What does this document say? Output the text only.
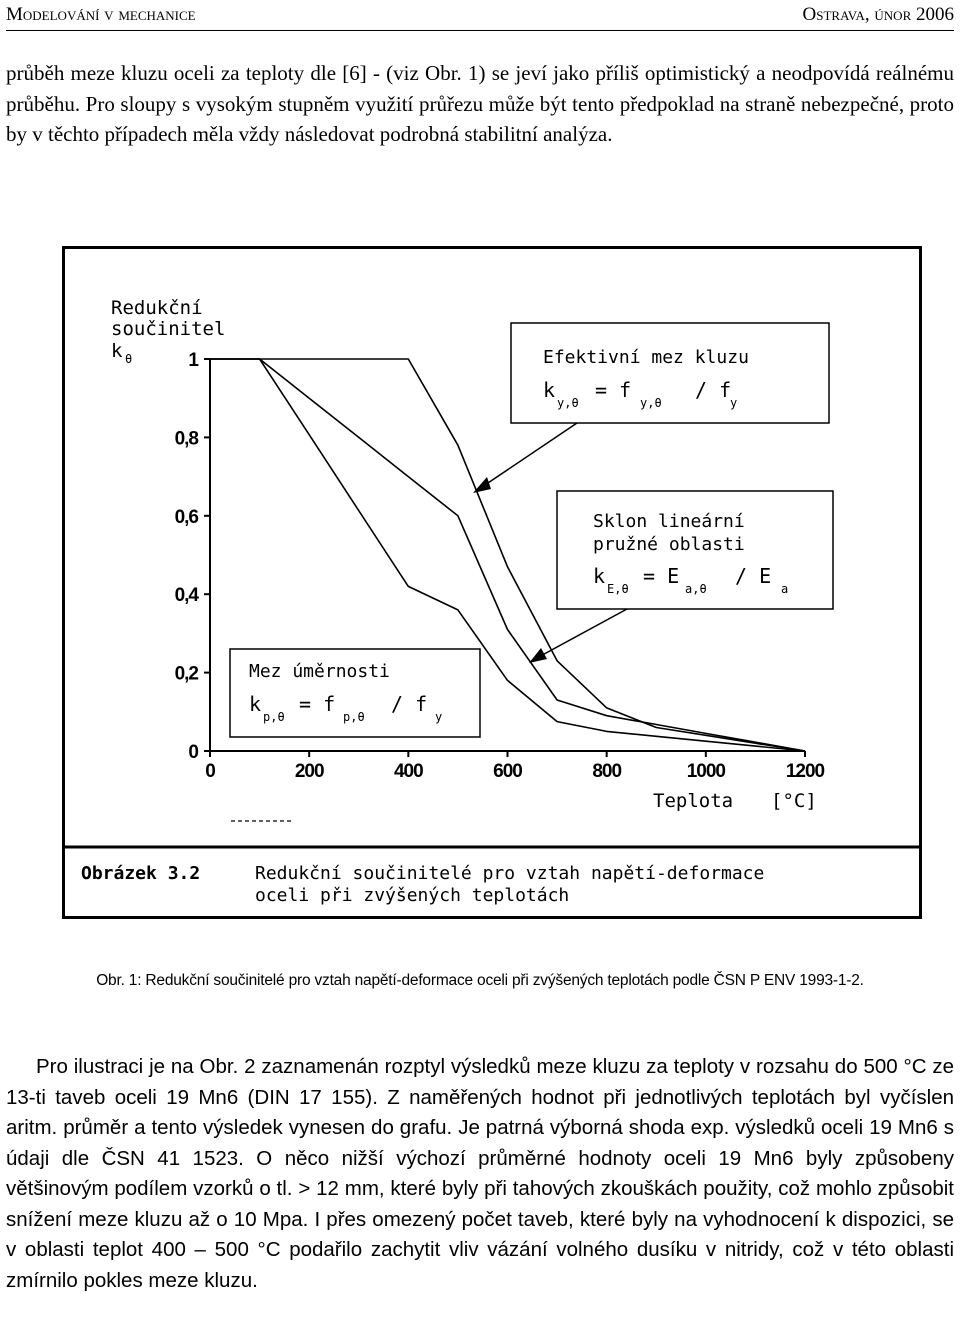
Modelování v mechanice	Ostrava, únor 2006
průběh meze kluzu oceli za teploty dle [6] - (viz Obr. 1) se jeví jako příliš optimistický a neodpovídá reálnému průběhu. Pro sloupy s vysokým stupněm využití průřezu může být tento předpoklad na straně nebezpečné, proto by v těchto případech měla vždy následovat podrobná stabilitní analýza.
Redukční
součinitel
k θ
0	200	400	600	800	1000	1200
0
0,2
0,4
0,6
0,8
1
Teplota [°C]
Efektivní mez kluzu
k
y,θ
= f
y,θ
/ f
y
Sklon lineární
pružné oblasti
k
E,θ
= E
a,θ
/ E
a
Mez úměrnosti
k
p,θ
= f
p,θ
/ f
y
Obrázek 3.2	Redukční součinitelé pro vztah napětí-deformace
oceli při zvýšených teplotách
Obr. 1: Redukční součinitelé pro vztah napětí-deformace oceli při zvýšených teplotách podle ČSN P ENV 1993-1-2.
Pro ilustraci je na Obr. 2 zaznamenán rozptyl výsledků meze kluzu za teploty v rozsahu do 500 °C ze 13-ti taveb oceli 19 Mn6 (DIN 17 155). Z naměřených hodnot při jednotlivých teplotách byl vyčíslen aritm. průměr a tento výsledek vynesen do grafu. Je patrná výborná shoda exp. výsledků oceli 19 Mn6 s údaji dle ČSN 41 1523. O něco nižší výchozí průměrné hodnoty oceli 19 Mn6 byly způsobeny většinovým podílem vzorků o tl. > 12 mm, které byly při tahových zkouškách použity, což mohlo způsobit snížení meze kluzu až o 10 Mpa. I přes omezený počet taveb, které byly na vyhodnocení k dispozici, se v oblasti teplot 400 – 500 °C podařilo zachytit vliv vázání volného dusíku v nitridy, což v této oblasti zmírnilo pokles meze kluzu.
